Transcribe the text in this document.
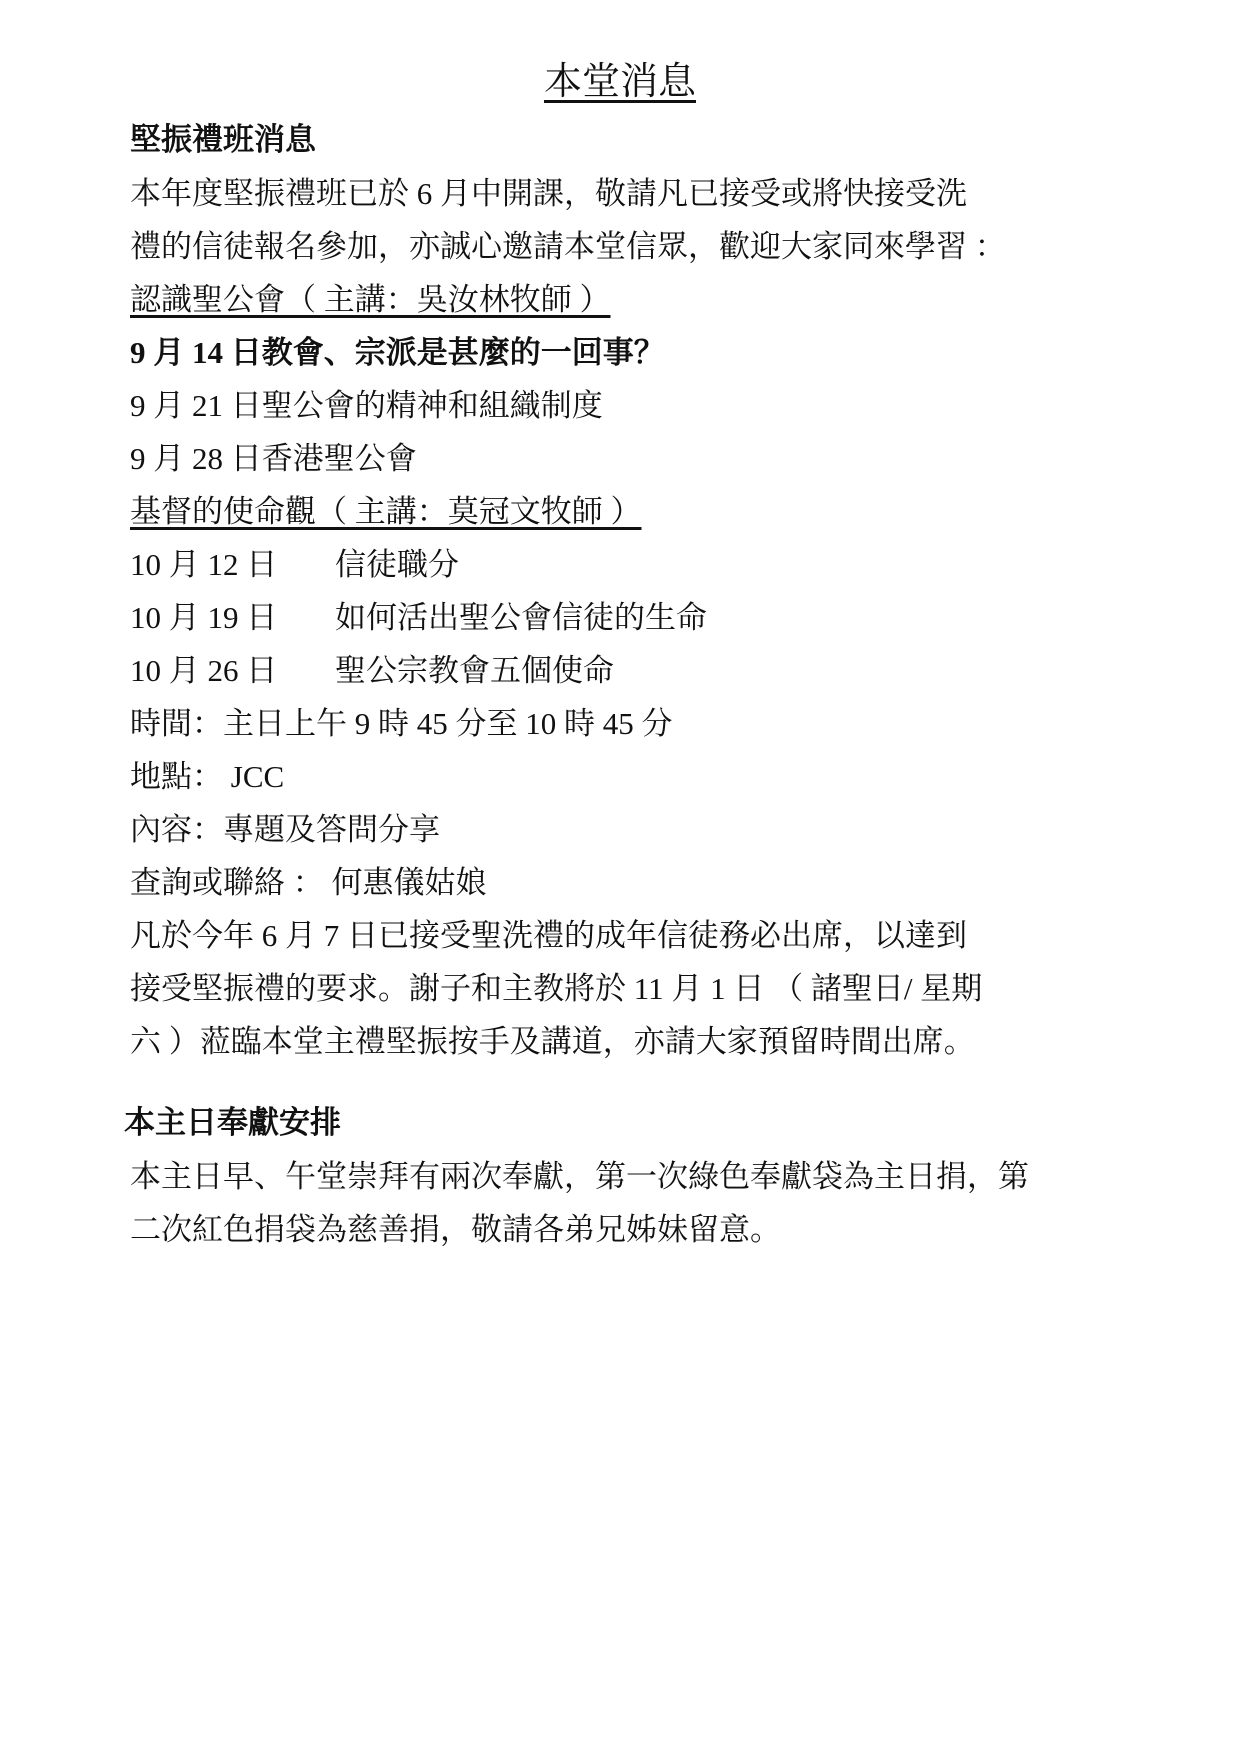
本堂消息
堅振禮班消息
本年度堅振禮班已於 6 月中開課，敬請凡已接受或將快接受洗
禮的信徒報名參加，亦誠心邀請本堂信眾，歡迎大家同來學習 ：
認識聖公會（ 主講：吳汝林牧師 ）
9 月 14 日教會、宗派是甚麼的一回事？
9 月 21 日聖公會的精神和組織制度
9 月 28 日香港聖公會
基督的使命觀（ 主講：莫冠文牧師 ）
10 月 12 日 信徒職分
10 月 19 日 如何活出聖公會信徒的生命
10 月 26 日 聖公宗教會五個使命
時間：主日上午 9 時 45 分至 10 時 45 分
地點： JCC
內容：專題及答問分享
查詢或聯絡 ： 何惠儀姑娘
凡於今年 6 月 7 日已接受聖洗禮的成年信徒務必出席，以達到
接受堅振禮的要求。謝子和主教將於 11 月 1 日 （ 諸聖日/ 星期
六 ）蒞臨本堂主禮堅振按手及講道，亦請大家預留時間出席。
本主日奉獻安排
本主日早、午堂崇拜有兩次奉獻，第一次綠色奉獻袋為主日捐，第
二次紅色捐袋為慈善捐，敬請各弟兄姊妹留意。
